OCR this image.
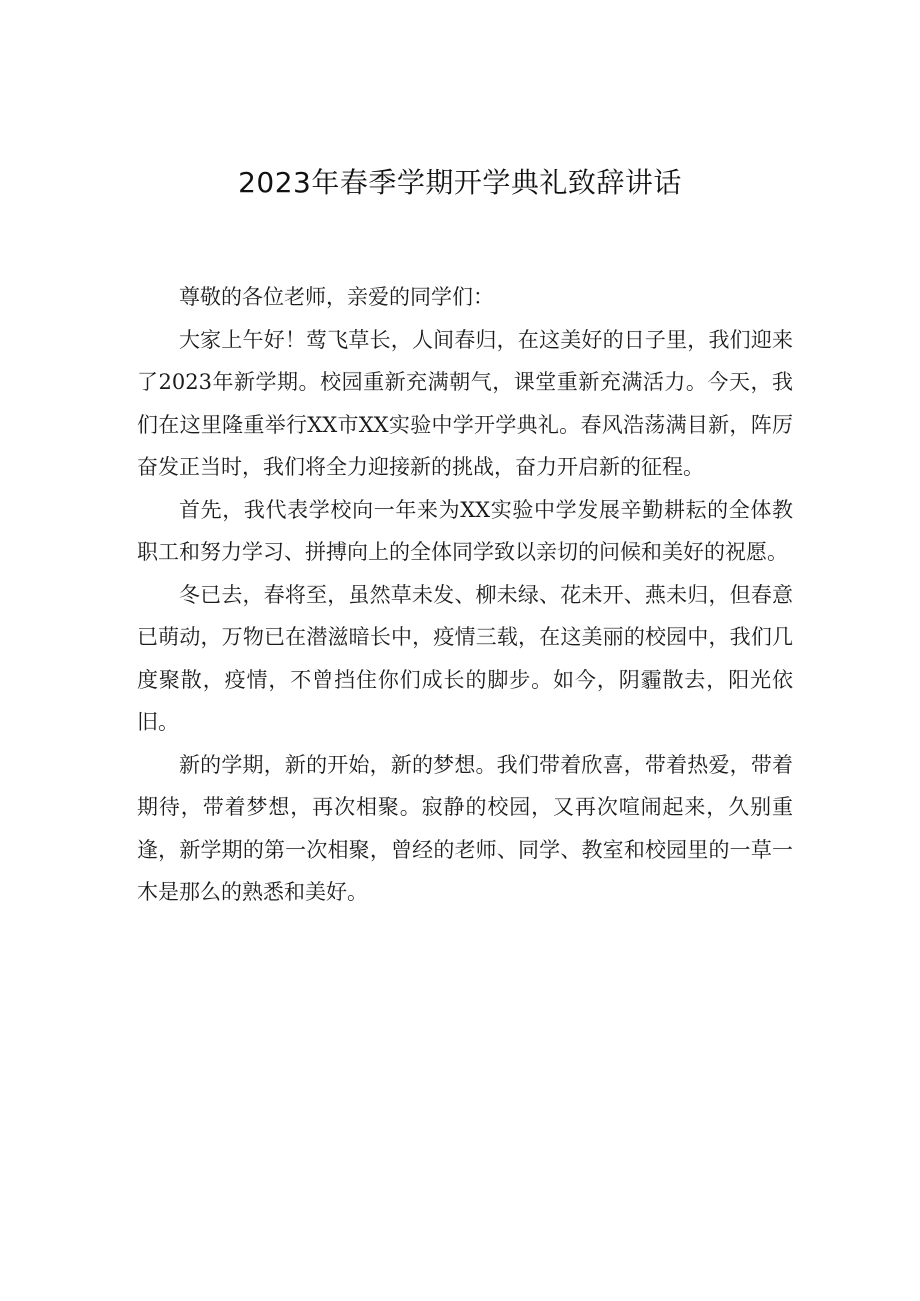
2023年春季学期开学典礼致辞讲话

尊敬的各位老师，亲爱的同学们：

大家上午好！莺飞草长，人间春归，在这美好的日子里，我们迎来了2023年新学期。校园重新充满朝气，课堂重新充满活力。今天，我们在这里隆重举行XX市XX实验中学开学典礼。春风浩荡满目新，阵厉奋发正当时，我们将全力迎接新的挑战，奋力开启新的征程。

首先，我代表学校向一年来为XX实验中学发展辛勤耕耘的全体教职工和努力学习、拼搏向上的全体同学致以亲切的问候和美好的祝愿。

冬已去，春将至，虽然草未发、柳未绿、花未开、燕未归，但春意已萌动，万物已在潜滋暗长中，疫情三载，在这美丽的校园中，我们几度聚散，疫情，不曾挡住你们成长的脚步。如今，阴霾散去，阳光依旧。

新的学期，新的开始，新的梦想。我们带着欣喜，带着热爱，带着期待，带着梦想，再次相聚。寂静的校园，又再次喧闹起来，久别重逢，新学期的第一次相聚，曾经的老师、同学、教室和校园里的一草一木是那么的熟悉和美好。
